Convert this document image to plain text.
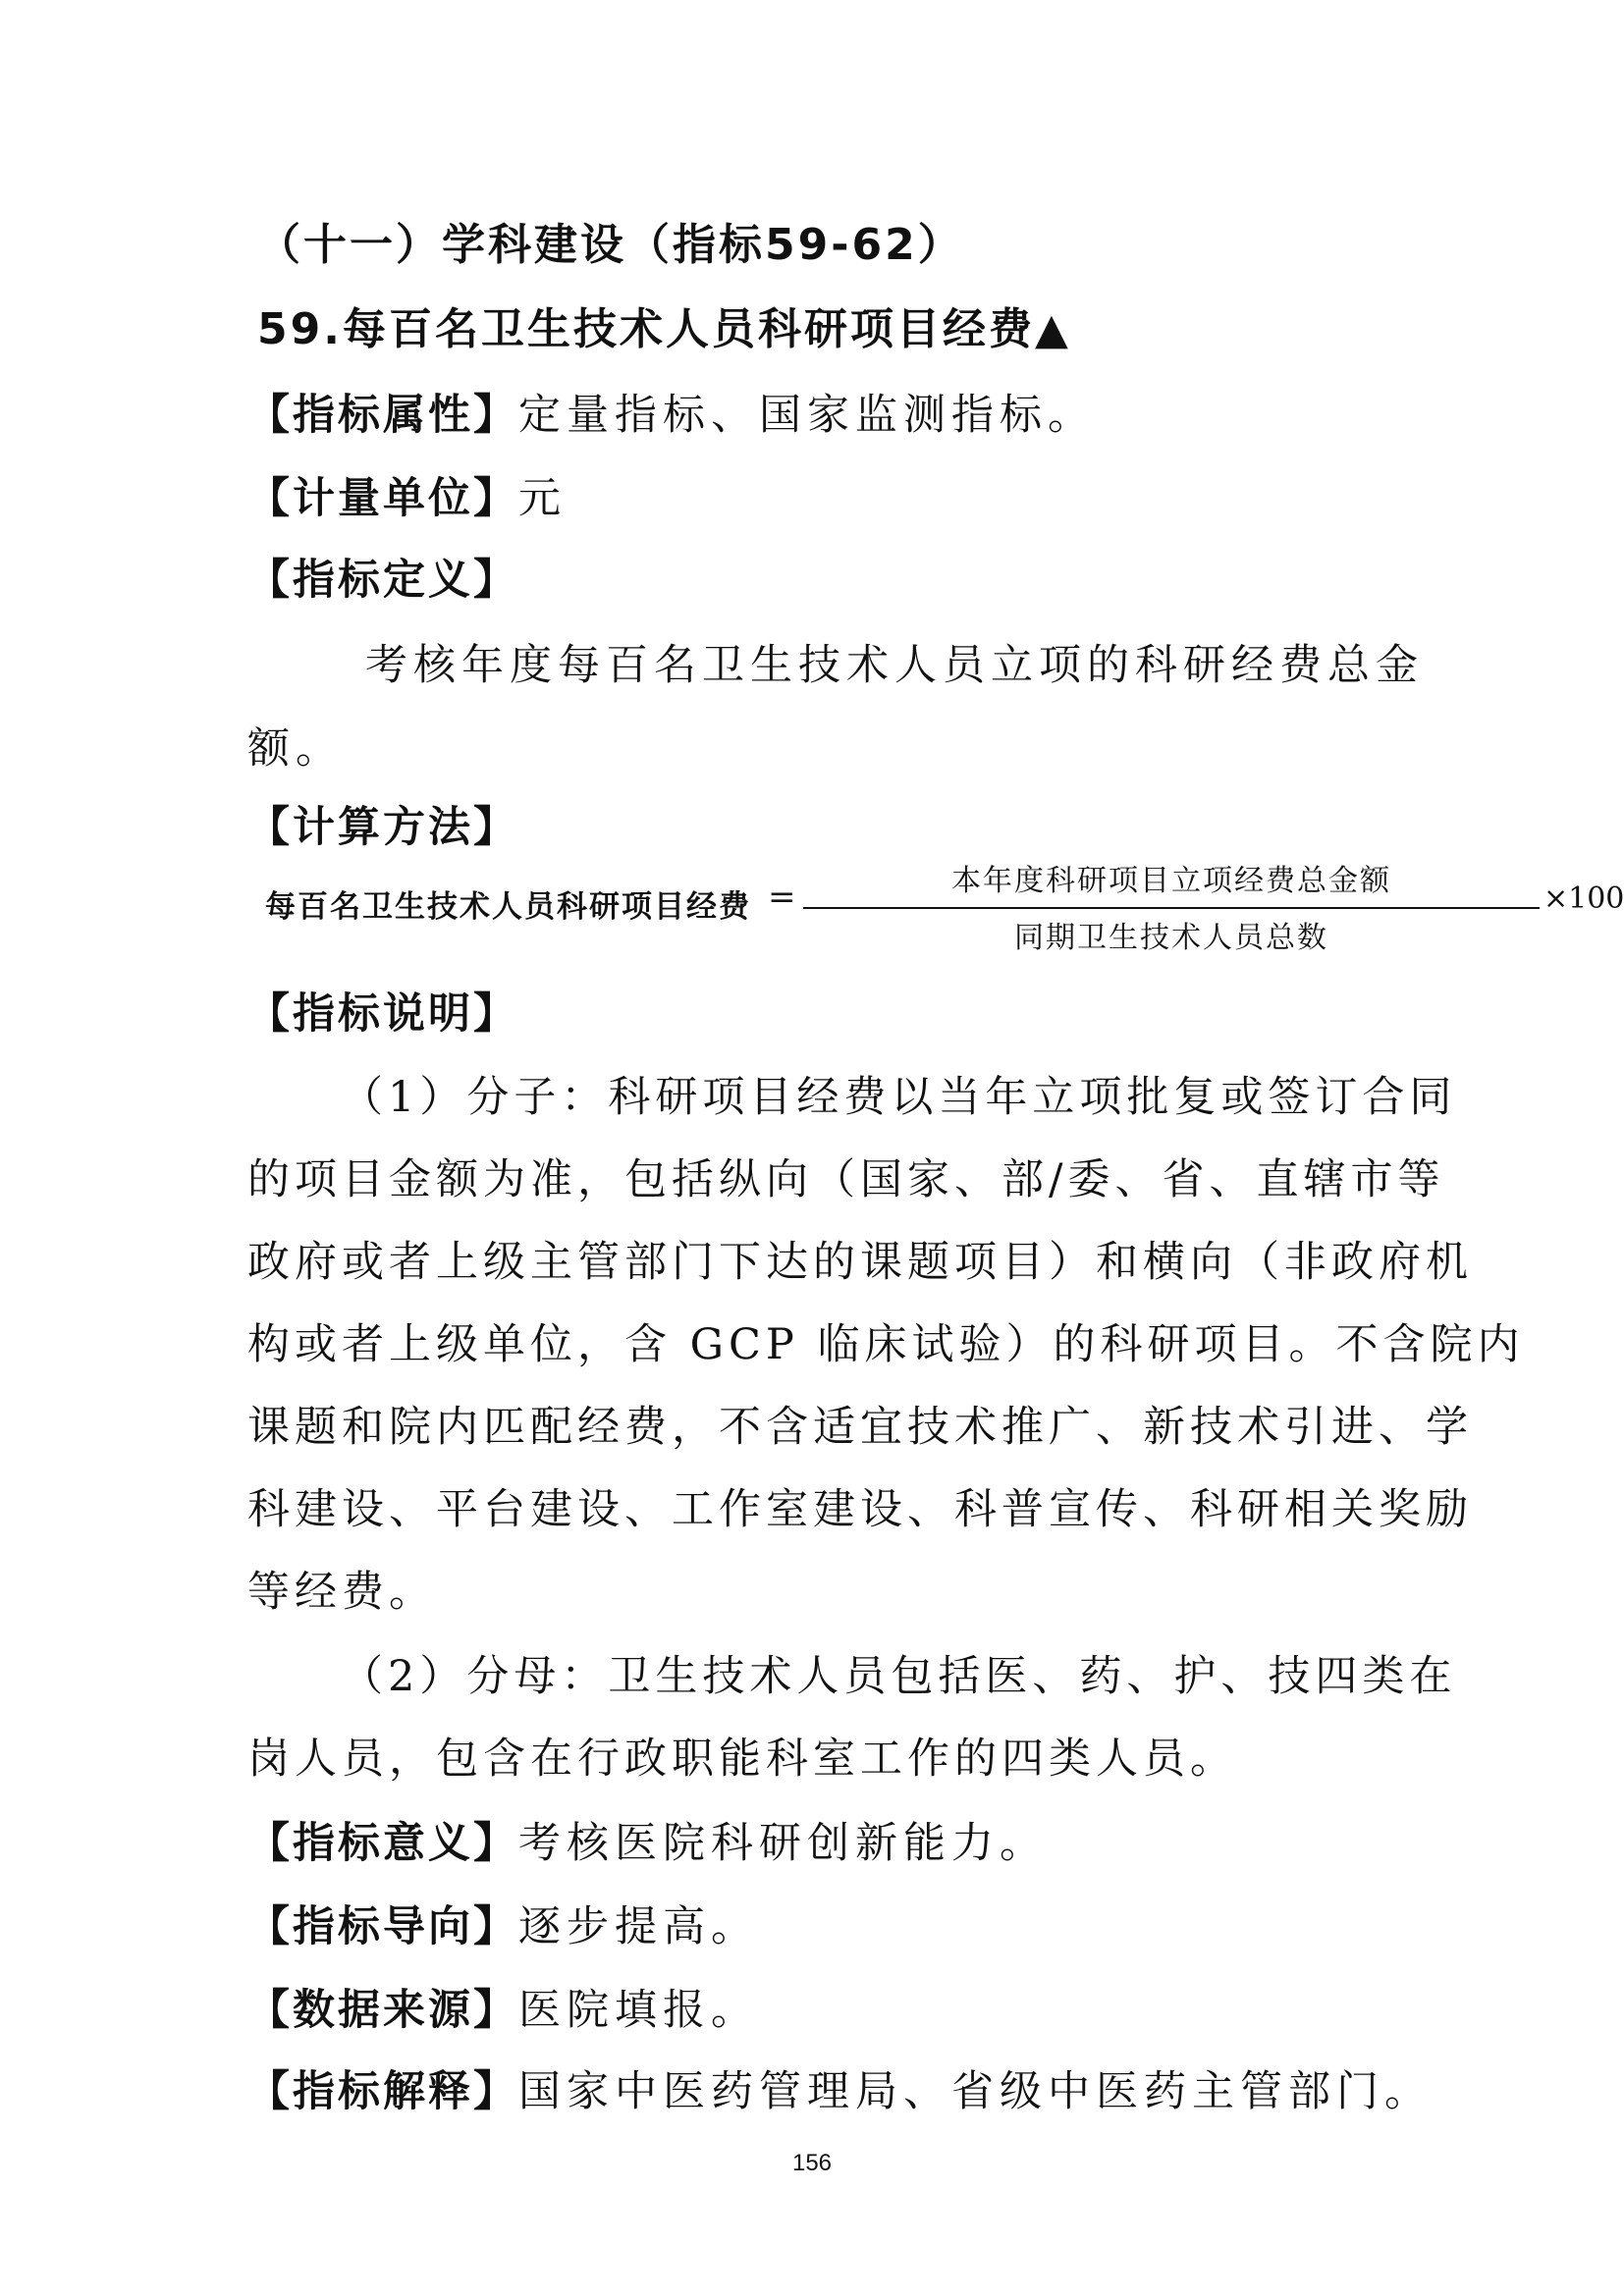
（十一）学科建设（指标59-62）
59.每百名卫生技术人员科研项目经费▲
【指标属性】定量指标、国家监测指标。
【计量单位】元
【指标定义】
考核年度每百名卫生技术人员立项的科研经费总金
额。
【计算方法】
每百名卫生技术人员科研项目经费 =	本年度科研项目立项经费总金额
同期卫生技术人员总数
×100
【指标说明】
（1）分子：科研项目经费以当年立项批复或签订合同
的项目金额为准，包括纵向（国家、部/委、省、直辖市等
政府或者上级主管部门下达的课题项目）和横向（非政府机
构或者上级单位，含 GCP 临床试验）的科研项目。不含院内
课题和院内匹配经费，不含适宜技术推广、新技术引进、学
科建设、平台建设、工作室建设、科普宣传、科研相关奖励
等经费。
（2）分母：卫生技术人员包括医、药、护、技四类在
岗人员，包含在行政职能科室工作的四类人员。
【指标意义】考核医院科研创新能力。
【指标导向】逐步提高。
【数据来源】医院填报。
【指标解释】国家中医药管理局、省级中医药主管部门。
156
